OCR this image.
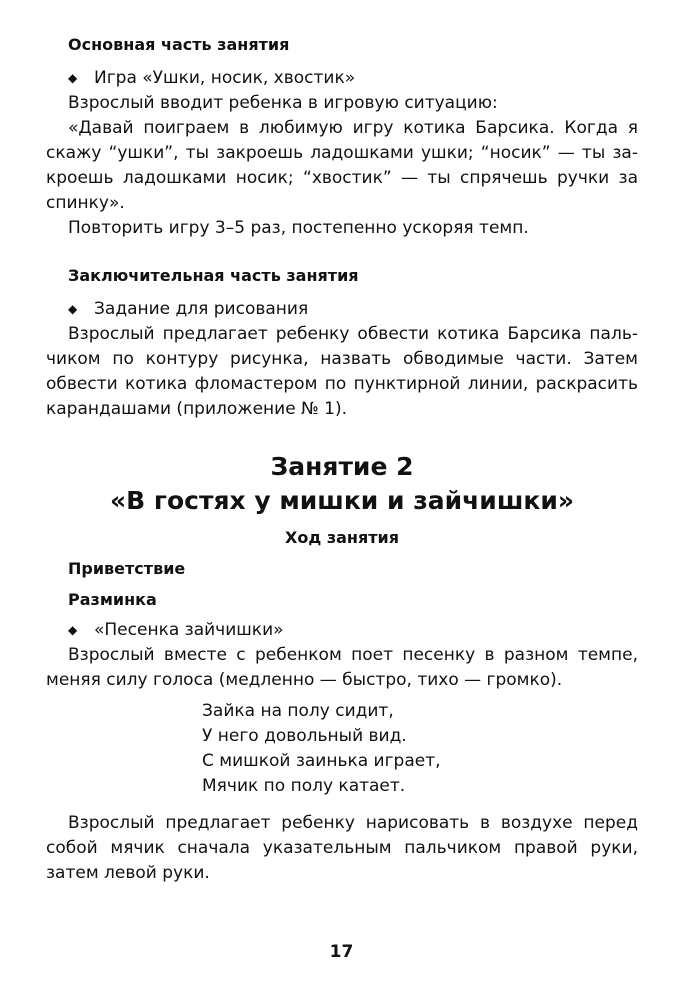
Основная часть занятия
◆ Игра «Ушки, носик, хвостик»

Взрослый вводит ребенка в игровую ситуацию:

«Давай поиграем в любимую игру котика Барсика. Когда я скажу “ушки”, ты закроешь ладошками ушки; “носик” — ты закроешь ладошками носик; “хвостик” — ты спрячешь ручки за спинку».

Повторить игру 3–5 раз, постепенно ускоряя темп.

Заключительная часть занятия
◆ Задание для рисования

Взрослый предлагает ребенку обвести котика Барсика пальчиком по контуру рисунка, назвать обводимые части. Затем обвести котика фломастером по пунктирной линии, раскрасить карандашами (приложение № 1).

Занятие 2
«В гостях у мишки и зайчишки»
Ход занятия
Приветствие
Разминка
◆ «Песенка зайчишки»

Взрослый вместе с ребенком поет песенку в разном темпе, меняя силу голоса (медленно — быстро, тихо — громко).

Зайка на полу сидит,
У него довольный вид.
С мишкой заинька играет,
Мячик по полу катает.

Взрослый предлагает ребенку нарисовать в воздухе перед собой мячик сначала указательным пальчиком правой руки, затем левой руки.

17
